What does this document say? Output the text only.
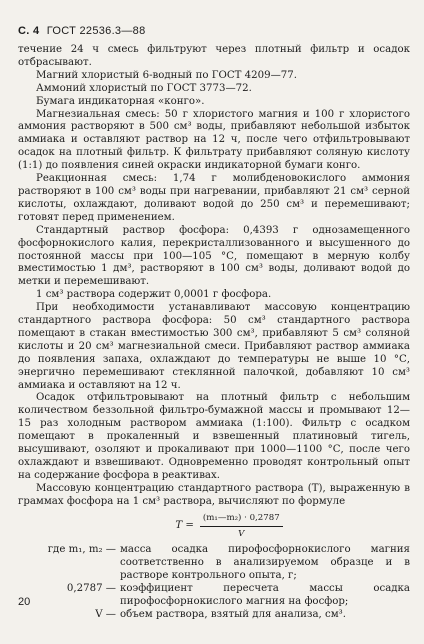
С. 4 ГОСТ 22536.3—88

течение 24 ч смесь фильтруют через плотный фильтр и осадок отбрасывают.

Магний хлористый 6-водный по ГОСТ 4209—77.

Аммоний хлористый по ГОСТ 3773—72.

Бумага индикаторная «конго».

Магнезиальная смесь: 50 г хлористого магния и 100 г хлористого аммония растворяют в 500 см³ воды, прибавляют небольшой избыток аммиака и оставляют раствор на 12 ч, после чего отфильтровывают осадок на плотный фильтр. К фильтрату прибавляют соляную кислоту (1:1) до появления синей окраски индикаторной бумаги конго.

Реакционная смесь: 1,74 г молибденовокислого аммония растворяют в 100 см³ воды при нагревании, прибавляют 21 см³ серной кислоты, охлаждают, доливают водой до 250 см³ и перемешивают; готовят перед применением.

Стандартный раствор фосфора: 0,4393 г однозамещенного фосфорнокислого калия, перекристаллизованного и высушенного до постоянной массы при 100—105 °С, помещают в мерную колбу вместимостью 1 дм³, растворяют в 100 см³ воды, доливают водой до метки и перемешивают.

1 см³ раствора содержит 0,0001 г фосфора.

При необходимости устанавливают массовую концентрацию стандартного раствора фосфора: 50 см³ стандартного раствора помещают в стакан вместимостью 300 см³, прибавляют 5 см³ соляной кислоты и 20 см³ магнезиальной смеси. Прибавляют раствор аммиака до появления запаха, охлаждают до температуры не выше 10 °С, энергично перемешивают стеклянной палочкой, добавляют 10 см³ аммиака и оставляют на 12 ч.

Осадок отфильтровывают на плотный фильтр с небольшим количеством беззольной фильтро-бумажной массы и промывают 12—15 раз холодным раствором аммиака (1:100). Фильтр с осадком помещают в прокаленный и взвешенный платиновый тигель, высушивают, озоляют и прокаливают при 1000—1100 °С, после чего охлаждают и взвешивают. Одновременно проводят контрольный опыт на содержание фосфора в реактивах.

Массовую концентрацию стандартного раствора (Т), выраженную в граммах фосфора на 1 см³ раствора, вычисляют по формуле

$T = \frac{\text{(m₁—m₂) · 0,2787}}{V}$
где m₁, m₂ — масса осадка пирофосфорнокислого магния соответственно в анализируемом образце и в растворе контрольного опыта, г;
0,2787 — коэффициент пересчета массы осадка пирофосфорнокислого магния на фосфор;
V — объем раствора, взятый для анализа, см³.
20
